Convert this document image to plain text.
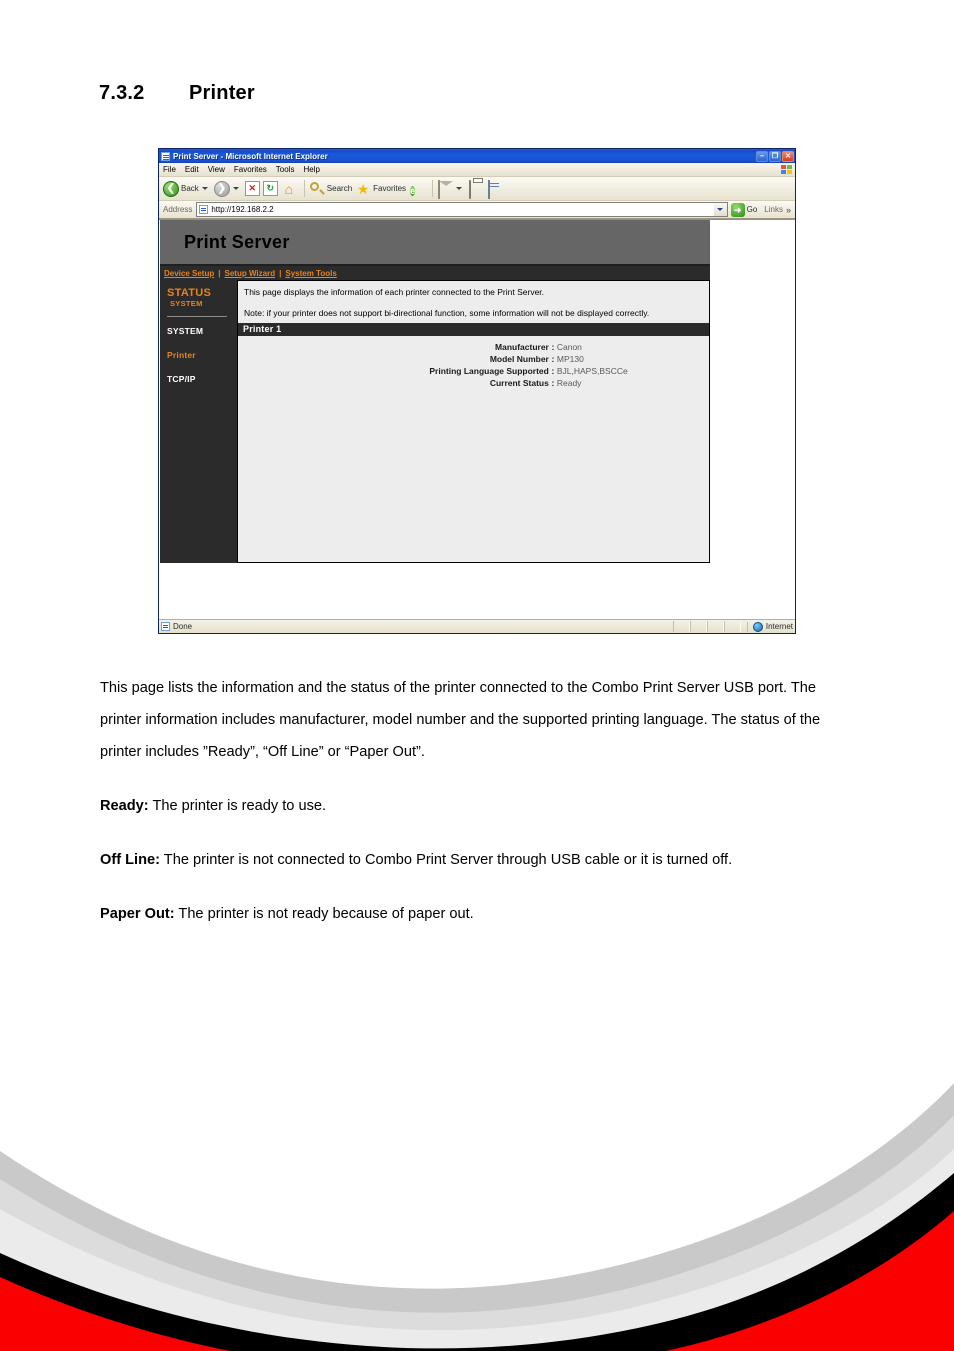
7.3.2 Printer
Print Server - Microsoft Internet Explorer	–	❐ ✕
File Edit View Favorites Tools Help
❮ Back	❯	✕	↻ ⌂	Search ★ Favorites e
Address http://192.168.2.2	➜ Go Links »
Print Server
Device Setup | Setup Wizard | System Tools
STATUS
SYSTEM
SYSTEM
Printer
TCP/IP
This page displays the information of each printer connected to the Print Server.
Note: if your printer does not support bi-directional function, some information will not be displayed correctly.
Printer 1
Manufacturer	:	Canon
Model Number	:	MP130
Printing Language Supported	:	BJL,HAPS,BSCCe
Current Status	:	Ready
Done	Internet

This page lists the information and the status of the printer connected to the Combo Print Server USB port. The printer information includes manufacturer, model number and the supported printing language. The status of the printer includes ”Ready”, “Off Line” or “Paper Out”.

Ready: The printer is ready to use.

Off Line: The printer is not connected to Combo Print Server through USB cable or it is turned off.

Paper Out: The printer is not ready because of paper out.
